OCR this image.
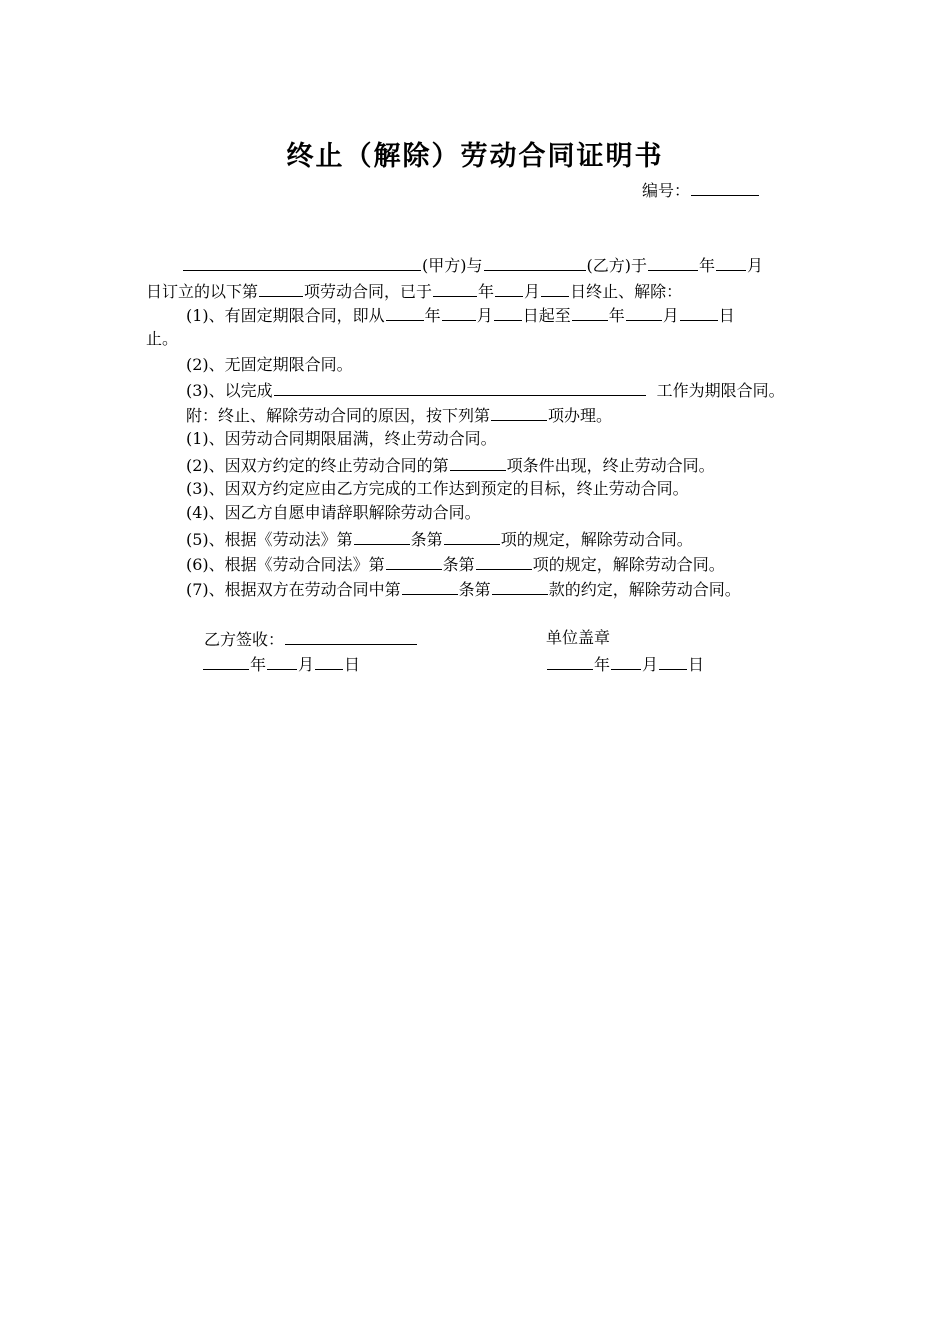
终止（解除）劳动合同证明书
编号：
(甲方)与	(乙方)于	年 月
日订立的以下第	项劳动合同，已于	年 月 日终止、解除：
(1)、有固定期限合同，即从	年 月 日起至 年 月	日
止。
(2)、无固定期限合同。
(3)、以完成	工作为期限合同。
附：终止、解除劳动合同的原因，按下列第	项办理。
(1)、因劳动合同期限届满，终止劳动合同。
(2)、因双方约定的终止劳动合同的第	项条件出现，终止劳动合同。
(3)、因双方约定应由乙方完成的工作达到预定的目标，终止劳动合同。
(4)、因乙方自愿申请辞职解除劳动合同。
(5)、根据《劳动法》第	条第	项的规定，解除劳动合同。
(6)、根据《劳动合同法》第	条第	项的规定，解除劳动合同。
(7)、根据双方在劳动合同中第	条第	款的约定，解除劳动合同。
乙方签收：	单位盖章
年 月 日	年 月 日
